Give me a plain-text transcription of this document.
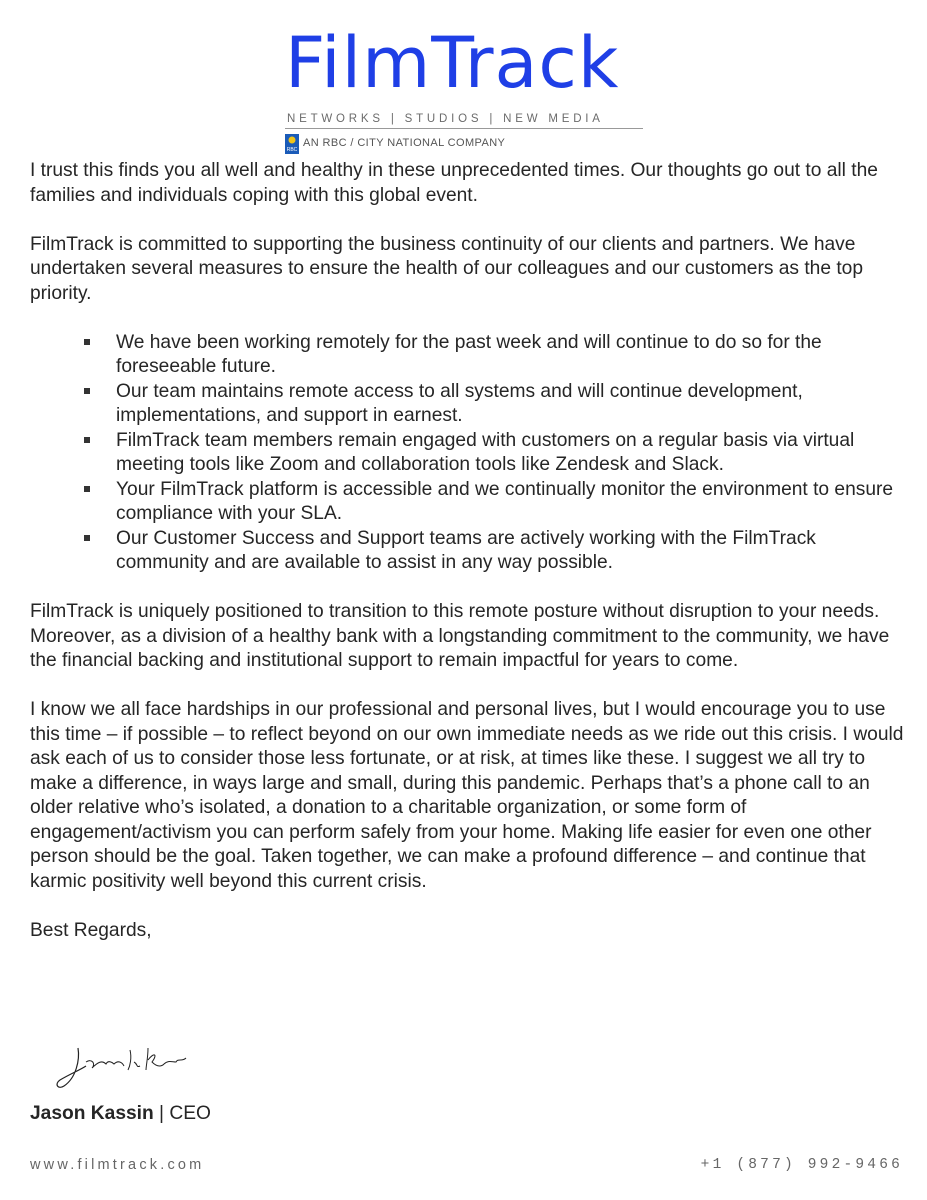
FilmTrack
NETWORKS | STUDIOS | NEW MEDIA
RBC
AN RBC / CITY NATIONAL COMPANY

I trust this finds you all well and healthy in these unprecedented times. Our thoughts go out to all the families and individuals coping with this global event.

FilmTrack is committed to supporting the business continuity of our clients and partners. We have undertaken several measures to ensure the health of our colleagues and our customers as the top priority.

We have been working remotely for the past week and will continue to do so for the foreseeable future.
Our team maintains remote access to all systems and will continue development, implementations, and support in earnest.
FilmTrack team members remain engaged with customers on a regular basis via virtual meeting tools like Zoom and collaboration tools like Zendesk and Slack.
Your FilmTrack platform is accessible and we continually monitor the environment to ensure compliance with your SLA.
Our Customer Success and Support teams are actively working with the FilmTrack community and are available to assist in any way possible.

FilmTrack is uniquely positioned to transition to this remote posture without disruption to your needs. Moreover, as a division of a healthy bank with a longstanding commitment to the community, we have the financial backing and institutional support to remain impactful for years to come.

I know we all face hardships in our professional and personal lives, but I would encourage you to use this time – if possible – to reflect beyond on our own immediate needs as we ride out this crisis. I would ask each of us to consider those less fortunate, or at risk, at times like these. I suggest we all try to make a difference, in ways large and small, during this pandemic. Perhaps that’s a phone call to an older relative who’s isolated, a donation to a charitable organization, or some form of engagement/activism you can perform safely from your home. Making life easier for even one other person should be the goal. Taken together, we can make a profound difference – and continue that karmic positivity well beyond this current crisis.

Best Regards,

Jason Kassin | CEO
www.filmtrack.com	+1 (877) 992-9466
